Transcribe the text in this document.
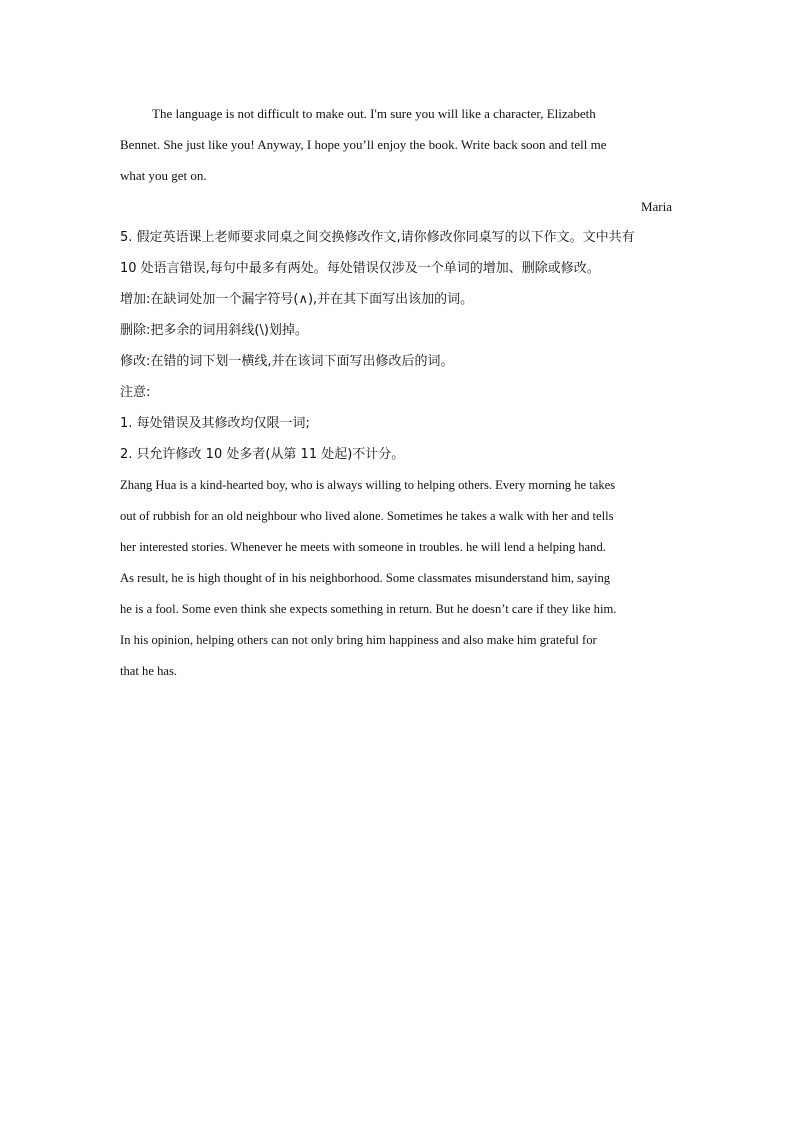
The language is not difficult to make out. I'm sure you will like a character, Elizabeth
Bennet. She just like you! Anyway, I hope you’ll enjoy the book. Write back soon and tell me
what you get on.
Maria
5. 假定英语课上老师要求同桌之间交换修改作文,请你修改你同桌写的以下作文。文中共有
10 处语言错误,每句中最多有两处。每处错误仅涉及一个单词的增加、删除或修改。
增加:在缺词处加一个漏字符号(∧),并在其下面写出该加的词。
删除:把多余的词用斜线(\)划掉。
修改:在错的词下划一横线,并在该词下面写出修改后的词。
注意:
1. 每处错误及其修改均仅限一词;
2. 只允许修改 10 处多者(从第 11 处起)不计分。
Zhang Hua is a kind-hearted boy, who is always willing to helping others. Every morning he takes
out of rubbish for an old neighbour who lived alone. Sometimes he takes a walk with her and tells
her interested stories. Whenever he meets with someone in troubles. he will lend a helping hand.
As result, he is high thought of in his neighborhood. Some classmates misunderstand him, saying
he is a fool. Some even think she expects something in return. But he doesn’t care if they like him.
In his opinion, helping others can not only bring him happiness and also make him grateful for
that he has.
